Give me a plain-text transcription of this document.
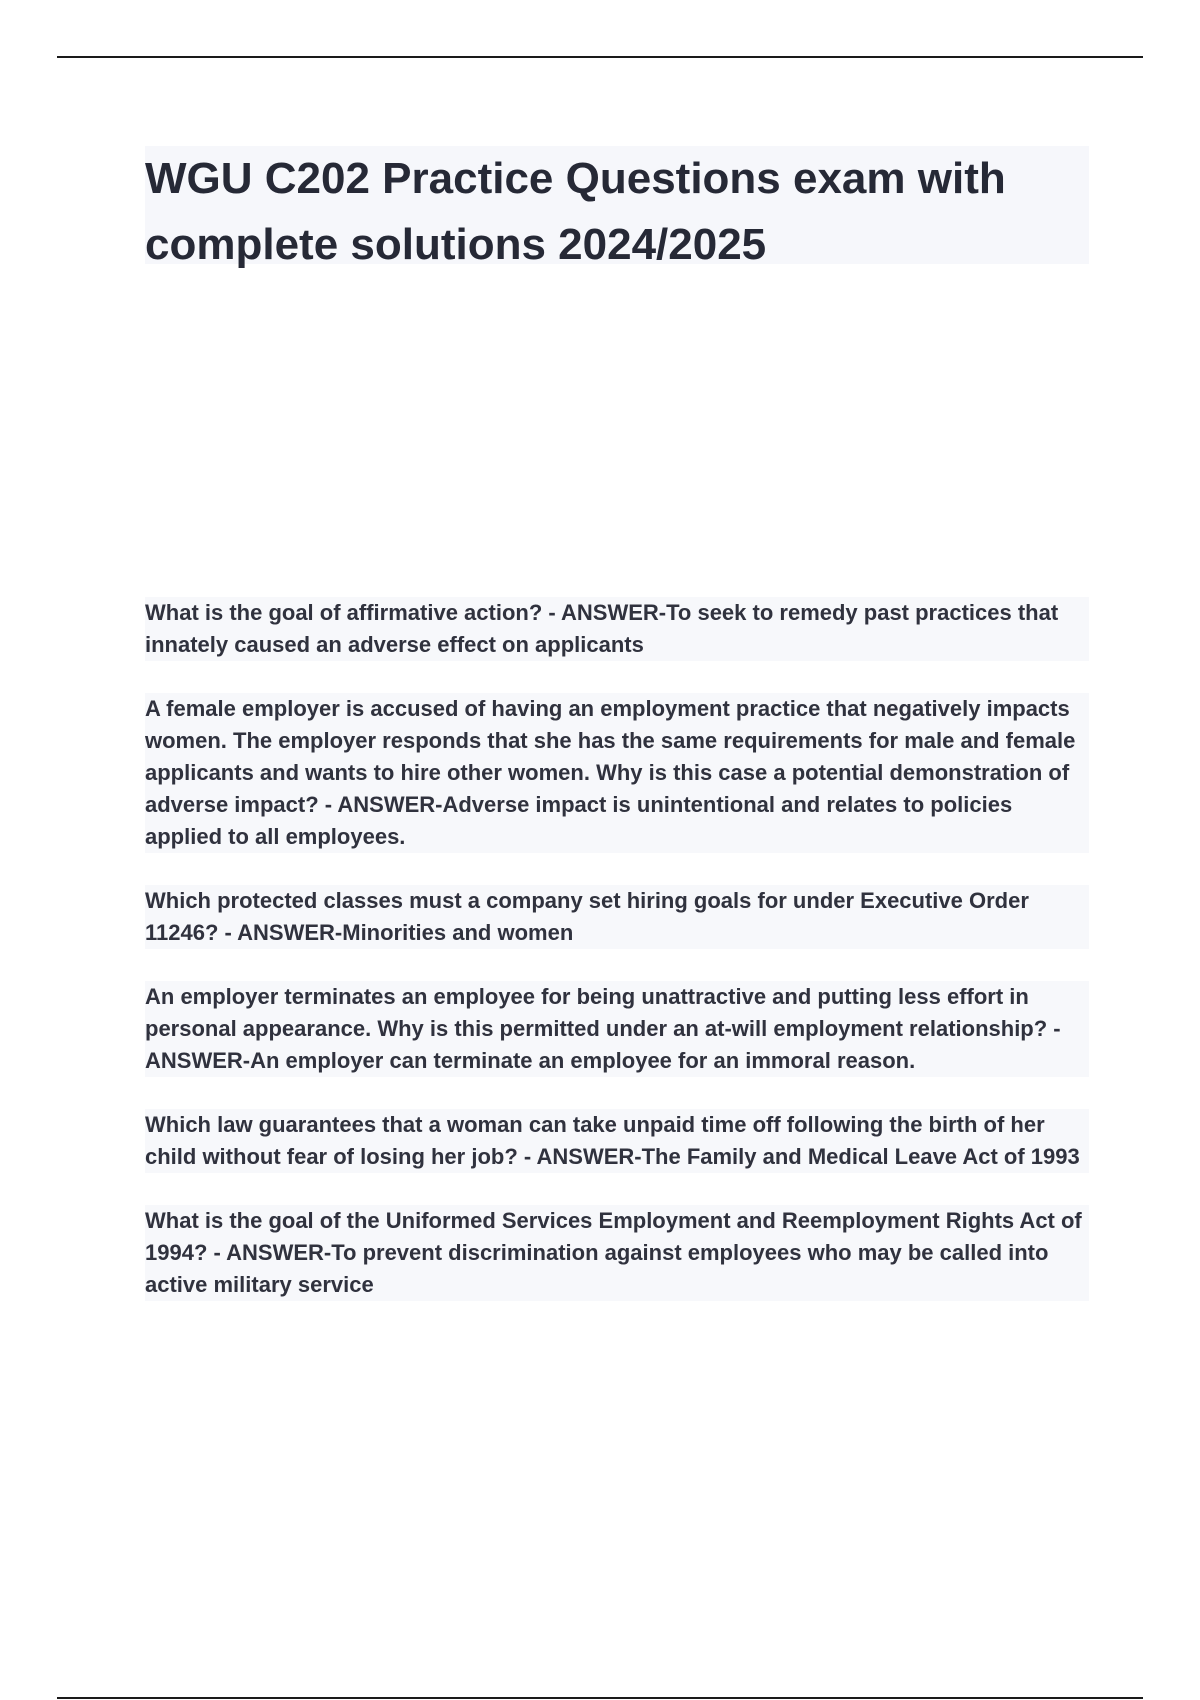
WGU C202 Practice Questions exam with complete solutions 2024/2025

What is the goal of affirmative action? - ANSWER-To seek to remedy past practices that innately caused an adverse effect on applicants

A female employer is accused of having an employment practice that negatively impacts women. The employer responds that she has the same requirements for male and female applicants and wants to hire other women. Why is this case a potential demonstration of adverse impact? - ANSWER-Adverse impact is unintentional and relates to policies applied to all employees.

Which protected classes must a company set hiring goals for under Executive Order 11246? - ANSWER-Minorities and women

An employer terminates an employee for being unattractive and putting less effort in personal appearance. Why is this permitted under an at-will employment relationship? - ANSWER-An employer can terminate an employee for an immoral reason.

Which law guarantees that a woman can take unpaid time off following the birth of her child without fear of losing her job? - ANSWER-The Family and Medical Leave Act of 1993

What is the goal of the Uniformed Services Employment and Reemployment Rights Act of 1994? - ANSWER-To prevent discrimination against employees who may be called into active military service
